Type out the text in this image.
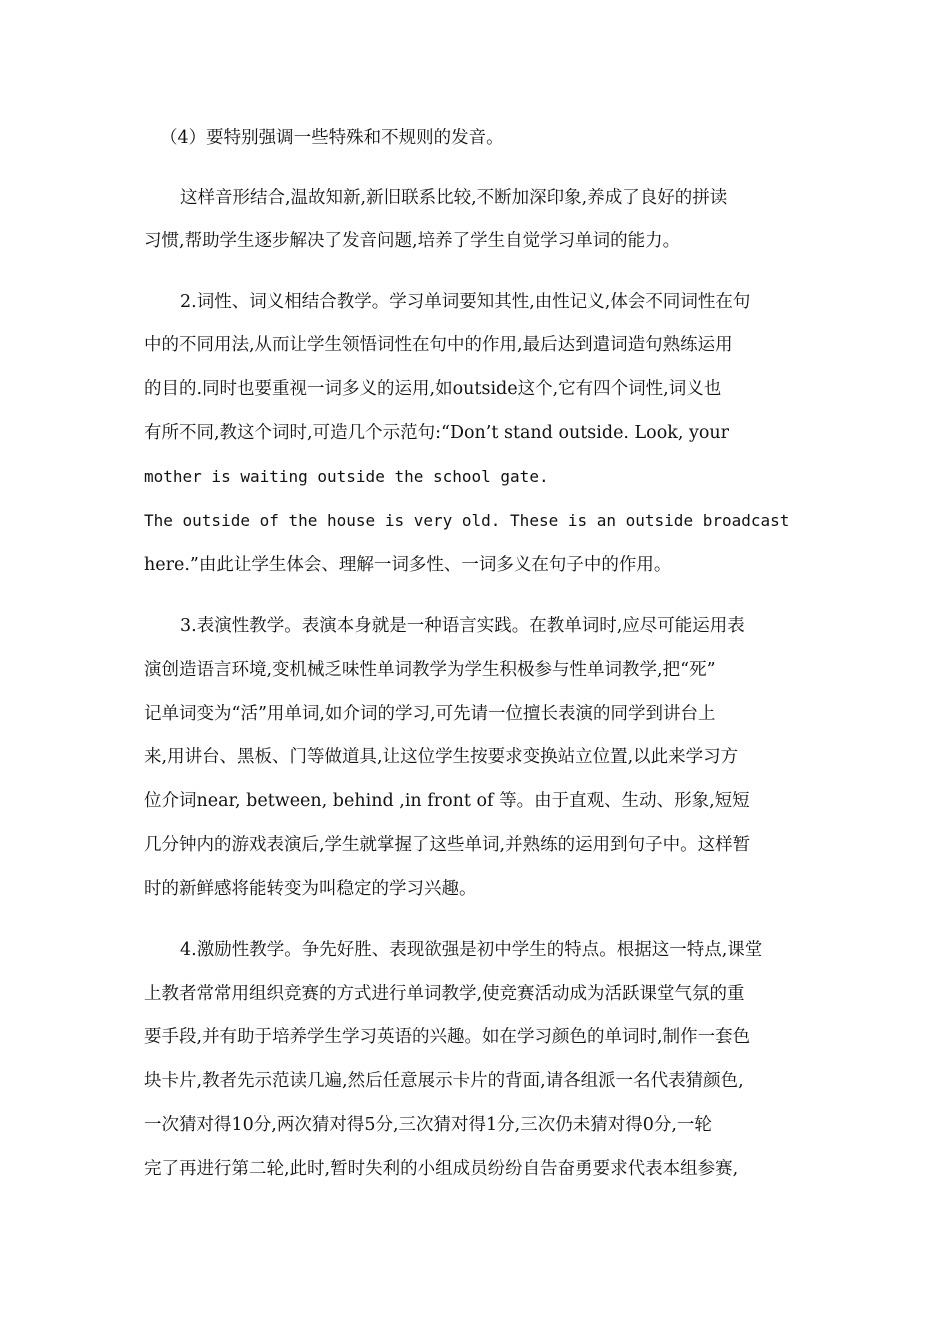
（4）要特别强调一些特殊和不规则的发音。
这样音形结合,温故知新,新旧联系比较,不断加深印象,养成了良好的拼读
习惯,帮助学生逐步解决了发音问题,培养了学生自觉学习单词的能力。
2.词性、词义相结合教学。学习单词要知其性,由性记义,体会不同词性在句
中的不同用法,从而让学生领悟词性在句中的作用,最后达到遣词造句熟练运用
的目的.同时也要重视一词多义的运用,如outside这个,它有四个词性,词义也
有所不同,教这个词时,可造几个示范句:“Don’t stand outside. Look, your
mother is waiting outside the school gate.
The outside of the house is very old. These is an outside broadcast
here.”由此让学生体会、理解一词多性、一词多义在句子中的作用。
3.表演性教学。表演本身就是一种语言实践。在教单词时,应尽可能运用表
演创造语言环境,变机械乏味性单词教学为学生积极参与性单词教学,把“死”
记单词变为“活”用单词,如介词的学习,可先请一位擅长表演的同学到讲台上
来,用讲台、黑板、门等做道具,让这位学生按要求变换站立位置,以此来学习方
位介词near, between, behind ,in front of 等。由于直观、生动、形象,短短
几分钟内的游戏表演后,学生就掌握了这些单词,并熟练的运用到句子中。这样暂
时的新鲜感将能转变为叫稳定的学习兴趣。
4.激励性教学。争先好胜、表现欲强是初中学生的特点。根据这一特点,课堂
上教者常常用组织竞赛的方式进行单词教学,使竞赛活动成为活跃课堂气氛的重
要手段,并有助于培养学生学习英语的兴趣。如在学习颜色的单词时,制作一套色
块卡片,教者先示范读几遍,然后任意展示卡片的背面,请各组派一名代表猜颜色,
一次猜对得10分,两次猜对得5分,三次猜对得1分,三次仍未猜对得0分,一轮
完了再进行第二轮,此时,暂时失利的小组成员纷纷自告奋勇要求代表本组参赛,
